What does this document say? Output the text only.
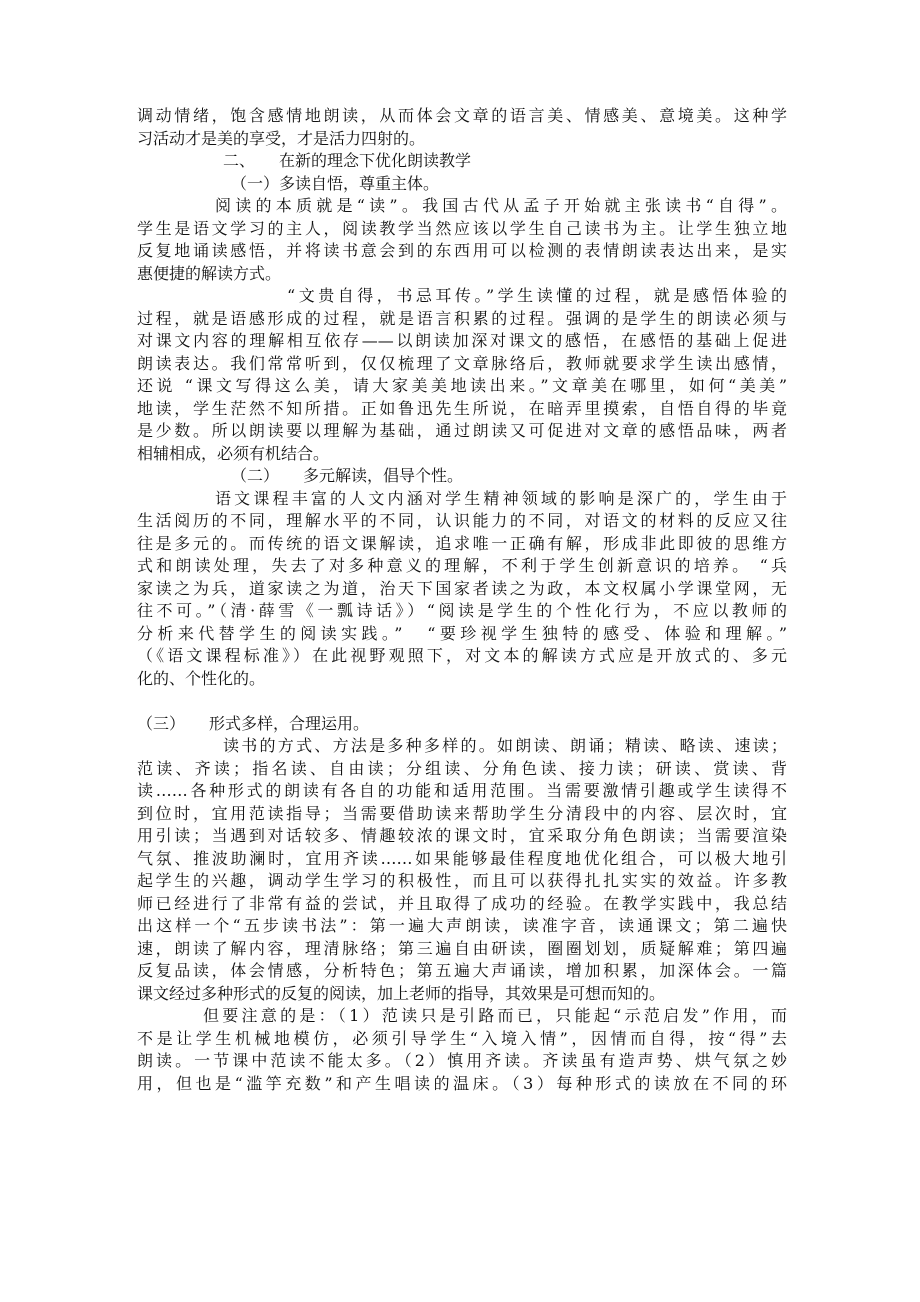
调动情绪，饱含感情地朗读，从而体会文章的语言美、情感美、意境美。这种学
习活动才是美的享受，才是活力四射的。
二、　　在新的理念下优化朗读教学
（一）多读自悟，尊重主体。
阅读的本质就是“读”。我国古代从孟子开始就主张读书“自得”。
学生是语文学习的主人，阅读教学当然应该以学生自己读书为主。让学生独立地
反复地诵读感悟，并将读书意会到的东西用可以检测的表情朗读表达出来，是实
惠便捷的解读方式。
“文贵自得，书忌耳传。”学生读懂的过程，就是感悟体验的
过程，就是语感形成的过程，就是语言积累的过程。强调的是学生的朗读必须与
对课文内容的理解相互依存——以朗读加深对课文的感悟，在感悟的基础上促进
朗读表达。我们常常听到，仅仅梳理了文章脉络后，教师就要求学生读出感情，
还说 “课文写得这么美，请大家美美地读出来。”文章美在哪里，如何“美美”
地读，学生茫然不知所措。正如鲁迅先生所说，在暗弄里摸索，自悟自得的毕竟
是少数。所以朗读要以理解为基础，通过朗读又可促进对文章的感悟品味，两者
相辅相成，必须有机结合。
（二）　　多元解读，倡导个性。
语文课程丰富的人文内涵对学生精神领域的影响是深广的，学生由于
生活阅历的不同，理解水平的不同，认识能力的不同，对语文的材料的反应又往
往是多元的。而传统的语文课解读，追求唯一正确有解，形成非此即彼的思维方
式和朗读处理，失去了对多种意义的理解，不利于学生创新意识的培养。 “兵
家读之为兵，道家读之为道，治天下国家者读之为政，本文权属小学课堂网，无
往不可。”（清·薛雪《一瓢诗话》）“阅读是学生的个性化行为，不应以教师的
分析来代替学生的阅读实践。”　“要珍视学生独特的感受、体验和理解。”
（《语文课程标准》）在此视野观照下，对文本的解读方式应是开放式的、多元
化的、个性化的。
（三）　　形式多样，合理运用。
读书的方式、方法是多种多样的。如朗读、朗诵；精读、略读、速读；
范读、齐读；指名读、自由读；分组读、分角色读、接力读；研读、赏读、背
读……各种形式的朗读有各自的功能和适用范围。当需要激情引趣或学生读得不
到位时，宜用范读指导；当需要借助读来帮助学生分清段中的内容、层次时，宜
用引读；当遇到对话较多、情趣较浓的课文时，宜采取分角色朗读；当需要渲染
气氛、推波助澜时，宜用齐读……如果能够最佳程度地优化组合，可以极大地引
起学生的兴趣，调动学生学习的积极性，而且可以获得扎扎实实的效益。许多教
师已经进行了非常有益的尝试，并且取得了成功的经验。在教学实践中，我总结
出这样一个“五步读书法”：第一遍大声朗读，读准字音，读通课文；第二遍快
速，朗读了解内容，理清脉络；第三遍自由研读，圈圈划划，质疑解难；第四遍
反复品读，体会情感，分析特色；第五遍大声诵读，增加积累，加深体会。一篇
课文经过多种形式的反复的阅读，加上老师的指导，其效果是可想而知的。
但要注意的是：（1）范读只是引路而已，只能起“示范启发”作用，而
不是让学生机械地模仿，必须引导学生“入境入情”，因情而自得，按“得”去
朗读。一节课中范读不能太多。（2）慎用齐读。齐读虽有造声势、烘气氛之妙
用，但也是“滥竽充数”和产生唱读的温床。（3）每种形式的读放在不同的环
